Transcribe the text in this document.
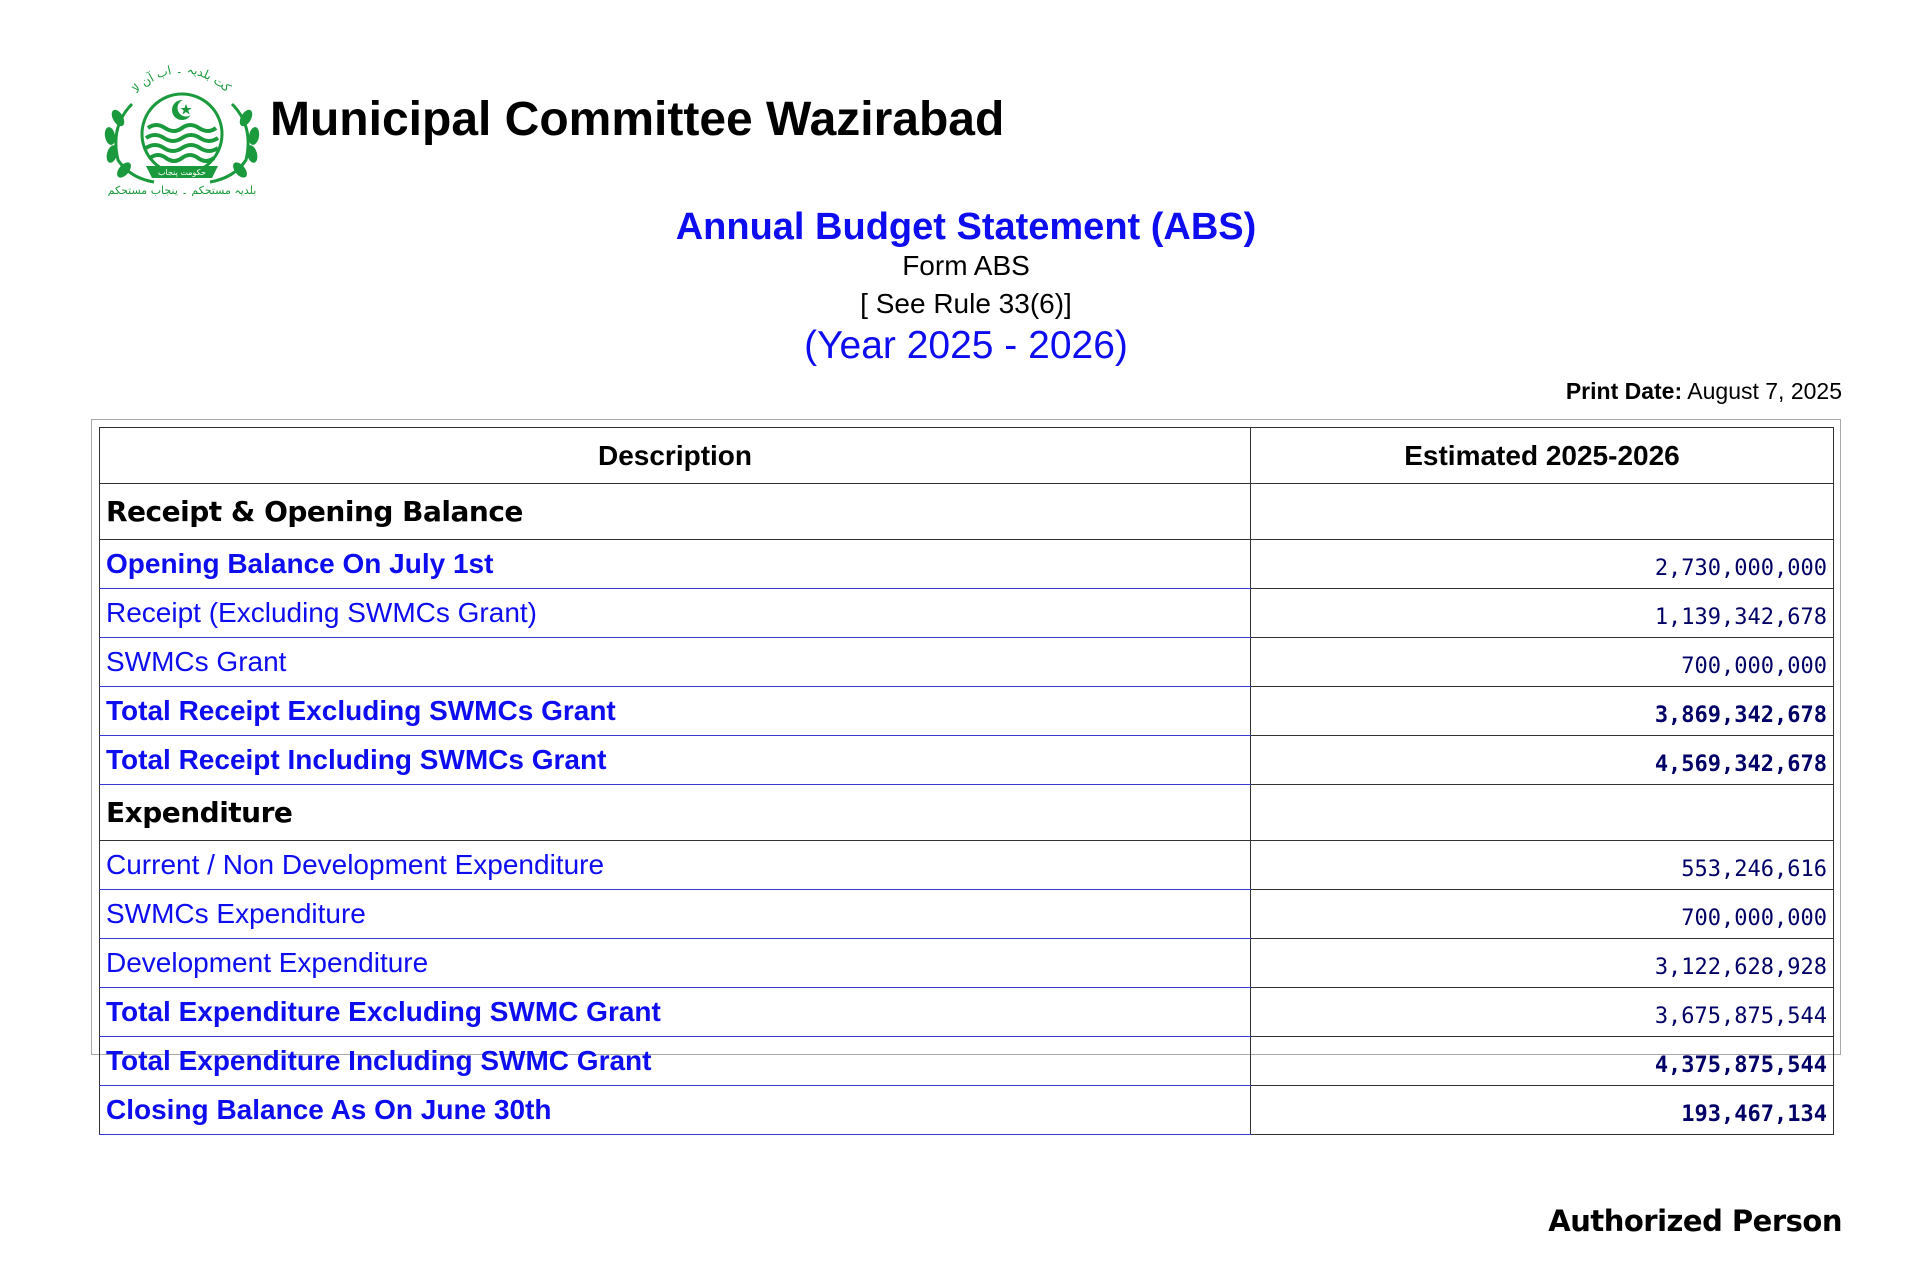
کت بلدیہ ۔ اب آن لائن
حکومت پنجاب
بلدیہ مستحکم ۔ پنجاب مستحکم
Municipal Committee Wazirabad
Annual Budget Statement (ABS)
Form ABS
[ See Rule 33(6)]
(Year 2025 - 2026)
Print Date: August 7, 2025
Description	Estimated 2025-2026
Receipt & Opening Balance	
Opening Balance On July 1st	2,730,000,000
Receipt (Excluding SWMCs Grant)	1,139,342,678
SWMCs Grant	700,000,000
Total Receipt Excluding SWMCs Grant	3,869,342,678
Total Receipt Including SWMCs Grant	4,569,342,678
Expenditure	
Current / Non Development Expenditure	553,246,616
SWMCs Expenditure	700,000,000
Development Expenditure	3,122,628,928
Total Expenditure Excluding SWMC Grant	3,675,875,544
Total Expenditure Including SWMC Grant	4,375,875,544
Closing Balance As On June 30th	193,467,134
Authorized Person
